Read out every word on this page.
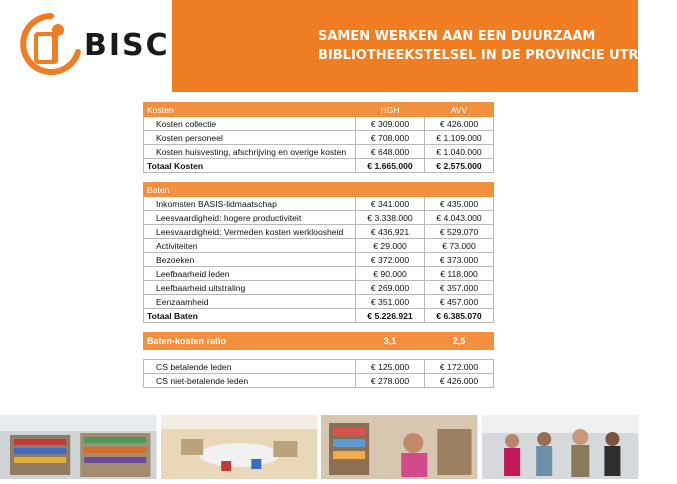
BISC	SAMEN WERKEN AAN EEN DUURZAAM
BIBLIOTHEEKSTELSEL IN DE PROVINCIE UTRECHT
Kosten	HGH	AVV
Kosten collectie	€ 309.000	€ 426.000
Kosten personeel	€ 708.000	€ 1.109.000
Kosten huisvesting, afschrijving en overige kosten	€ 648.000	€ 1.040.000
Totaal Kosten	€ 1.665.000	€ 2.575.000

Baten		
Inkomsten BASIS-lidmaatschap	€ 341.000	€ 435.000
Leesvaardigheid: hogere productiviteit	€ 3.338.000	€ 4.043.000
Leesvaardigheid: Vermeden kosten werkloosheid	€ 436.921	€ 529.070
Activiteiten	€ 29.000	€ 73.000
Bezoeken	€ 372.000	€ 373.000
Leefbaarheid leden	€ 90.000	€ 118.000
Leefbaarheid uitstraling	€ 269.000	€ 357.000
Eenzaamheid	€ 351.000	€ 457.000
Totaal Baten	€ 5.226.921	€ 6.385.070

Baten-kosten ratio	3,1	2,5

CS betalende leden	€ 125.000	€ 172.000
CS niet-betalende leden	€ 278.000	€ 426.000
